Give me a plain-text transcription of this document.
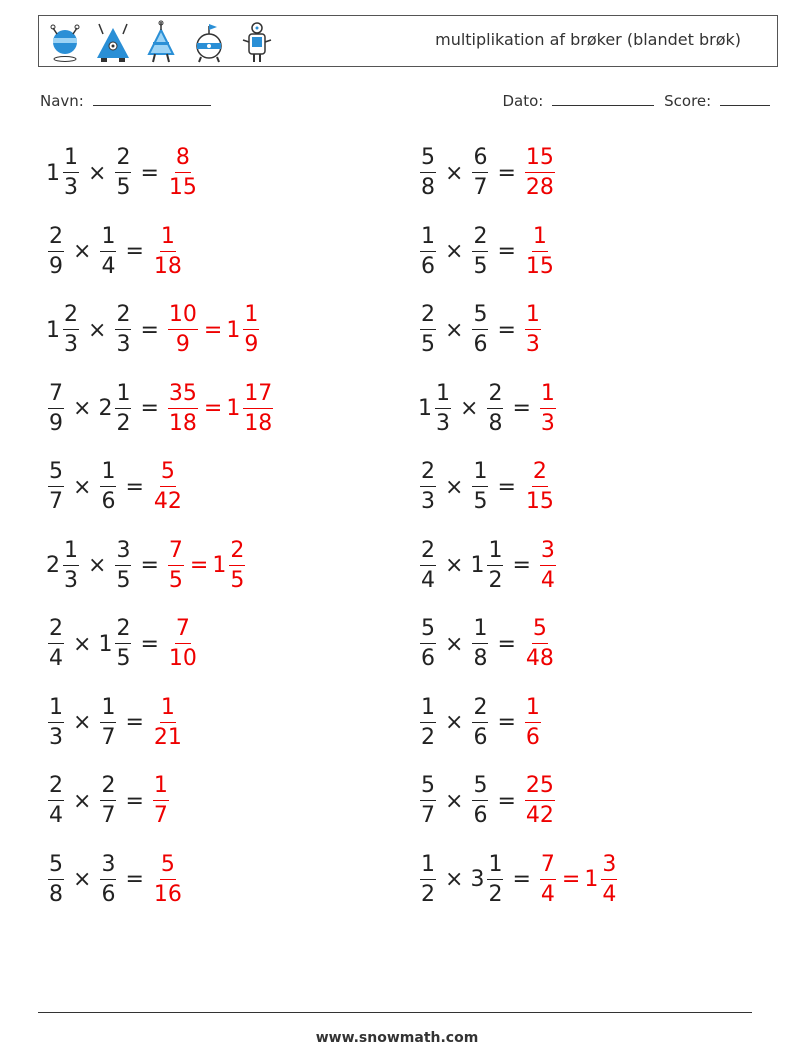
multiplikation af brøker (blandet brøk)
Navn:	Dato:	Score:
$1 \frac{1}{3} \times \frac{2}{5} = \frac{8}{15}$	$\frac{5}{8} \times \frac{6}{7} = \frac{15}{28}$
$\frac{2}{9} \times \frac{1}{4} = \frac{1}{18}$	$\frac{1}{6} \times \frac{2}{5} = \frac{1}{15}$
$1 \frac{2}{3} \times \frac{2}{3} = \frac{10}{9} = 1 \frac{1}{9}$	$\frac{2}{5} \times \frac{5}{6} = \frac{1}{3}$
$\frac{7}{9} \times 2 \frac{1}{2} = \frac{35}{18} = 1 \frac{17}{18}$	$1 \frac{1}{3} \times \frac{2}{8} = \frac{1}{3}$
$\frac{5}{7} \times \frac{1}{6} = \frac{5}{42}$	$\frac{2}{3} \times \frac{1}{5} = \frac{2}{15}$
$2 \frac{1}{3} \times \frac{3}{5} = \frac{7}{5} = 1 \frac{2}{5}$	$\frac{2}{4} \times 1 \frac{1}{2} = \frac{3}{4}$
$\frac{2}{4} \times 1 \frac{2}{5} = \frac{7}{10}$	$\frac{5}{6} \times \frac{1}{8} = \frac{5}{48}$
$\frac{1}{3} \times \frac{1}{7} = \frac{1}{21}$	$\frac{1}{2} \times \frac{2}{6} = \frac{1}{6}$
$\frac{2}{4} \times \frac{2}{7} = \frac{1}{7}$	$\frac{5}{7} \times \frac{5}{6} = \frac{25}{42}$
$\frac{5}{8} \times \frac{3}{6} = \frac{5}{16}$	$\frac{1}{2} \times 3 \frac{1}{2} = \frac{7}{4} = 1 \frac{3}{4}$
www.snowmath.com
